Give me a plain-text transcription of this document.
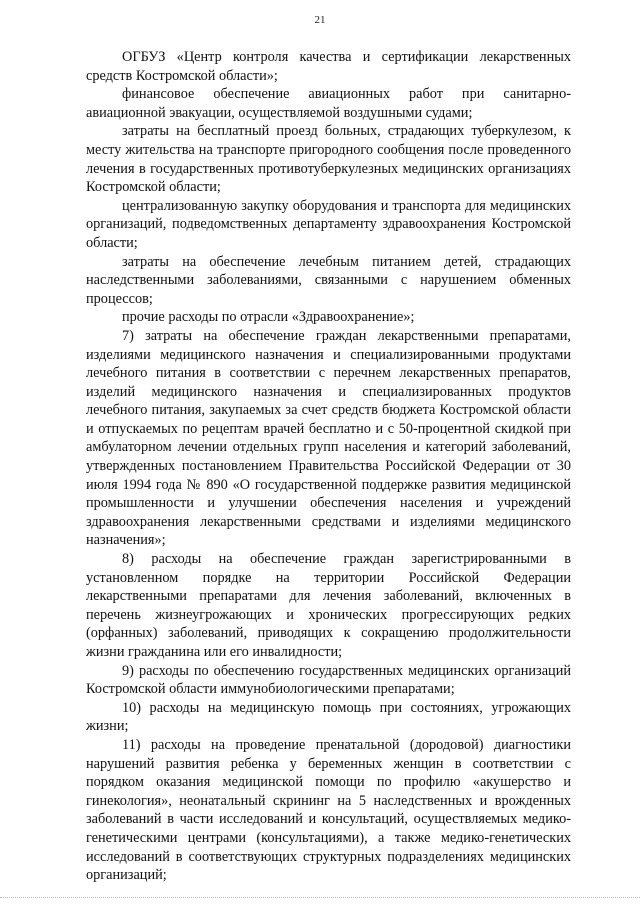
21

ОГБУЗ «Центр контроля качества и сертификации лекарственных средств Костромской области»;

финансовое обеспечение авиационных работ при санитарно-авиационной эвакуации, осуществляемой воздушными судами;

затраты на бесплатный проезд больных, страдающих туберкулезом, к месту жительства на транспорте пригородного сообщения после проведенного лечения в государственных противотуберкулезных медицинских организациях Костромской области;

централизованную закупку оборудования и транспорта для медицинских организаций, подведомственных департаменту здравоохранения Костромской области;

затраты на обеспечение лечебным питанием детей, страдающих наследственными заболеваниями, связанными с нарушением обменных процессов;

прочие расходы по отрасли «Здравоохранение»;

7) затраты на обеспечение граждан лекарственными препаратами, изделиями медицинского назначения и специализированными продуктами лечебного питания в соответствии с перечнем лекарственных препаратов, изделий медицинского назначения и специализированных продуктов лечебного питания, закупаемых за счет средств бюджета Костромской области и отпускаемых по рецептам врачей бесплатно и с 50-процентной скидкой при амбулаторном лечении отдельных групп населения и категорий заболеваний, утвержденных постановлением Правительства Российской Федерации от 30 июля 1994 года № 890 «О государственной поддержке развития медицинской промышленности и улучшении обеспечения населения и учреждений здравоохранения лекарственными средствами и изделиями медицинского назначения»;

8) расходы на обеспечение граждан зарегистрированными в установленном порядке на территории Российской Федерации лекарственными препаратами для лечения заболеваний, включенных в перечень жизнеугрожающих и хронических прогрессирующих редких (орфанных) заболеваний, приводящих к сокращению продолжительности жизни гражданина или его инвалидности;

9) расходы по обеспечению государственных медицинских организаций Костромской области иммунобиологическими препаратами;

10) расходы на медицинскую помощь при состояниях, угрожающих жизни;

11) расходы на проведение пренатальной (дородовой) диагностики нарушений развития ребенка у беременных женщин в соответствии с порядком оказания медицинской помощи по профилю «акушерство и гинекология», неонатальный скрининг на 5 наследственных и врожденных заболеваний в части исследований и консультаций, осуществляемых медико-генетическими центрами (консультациями), а также медико-генетических исследований в соответствующих структурных подразделениях медицинских организаций;
